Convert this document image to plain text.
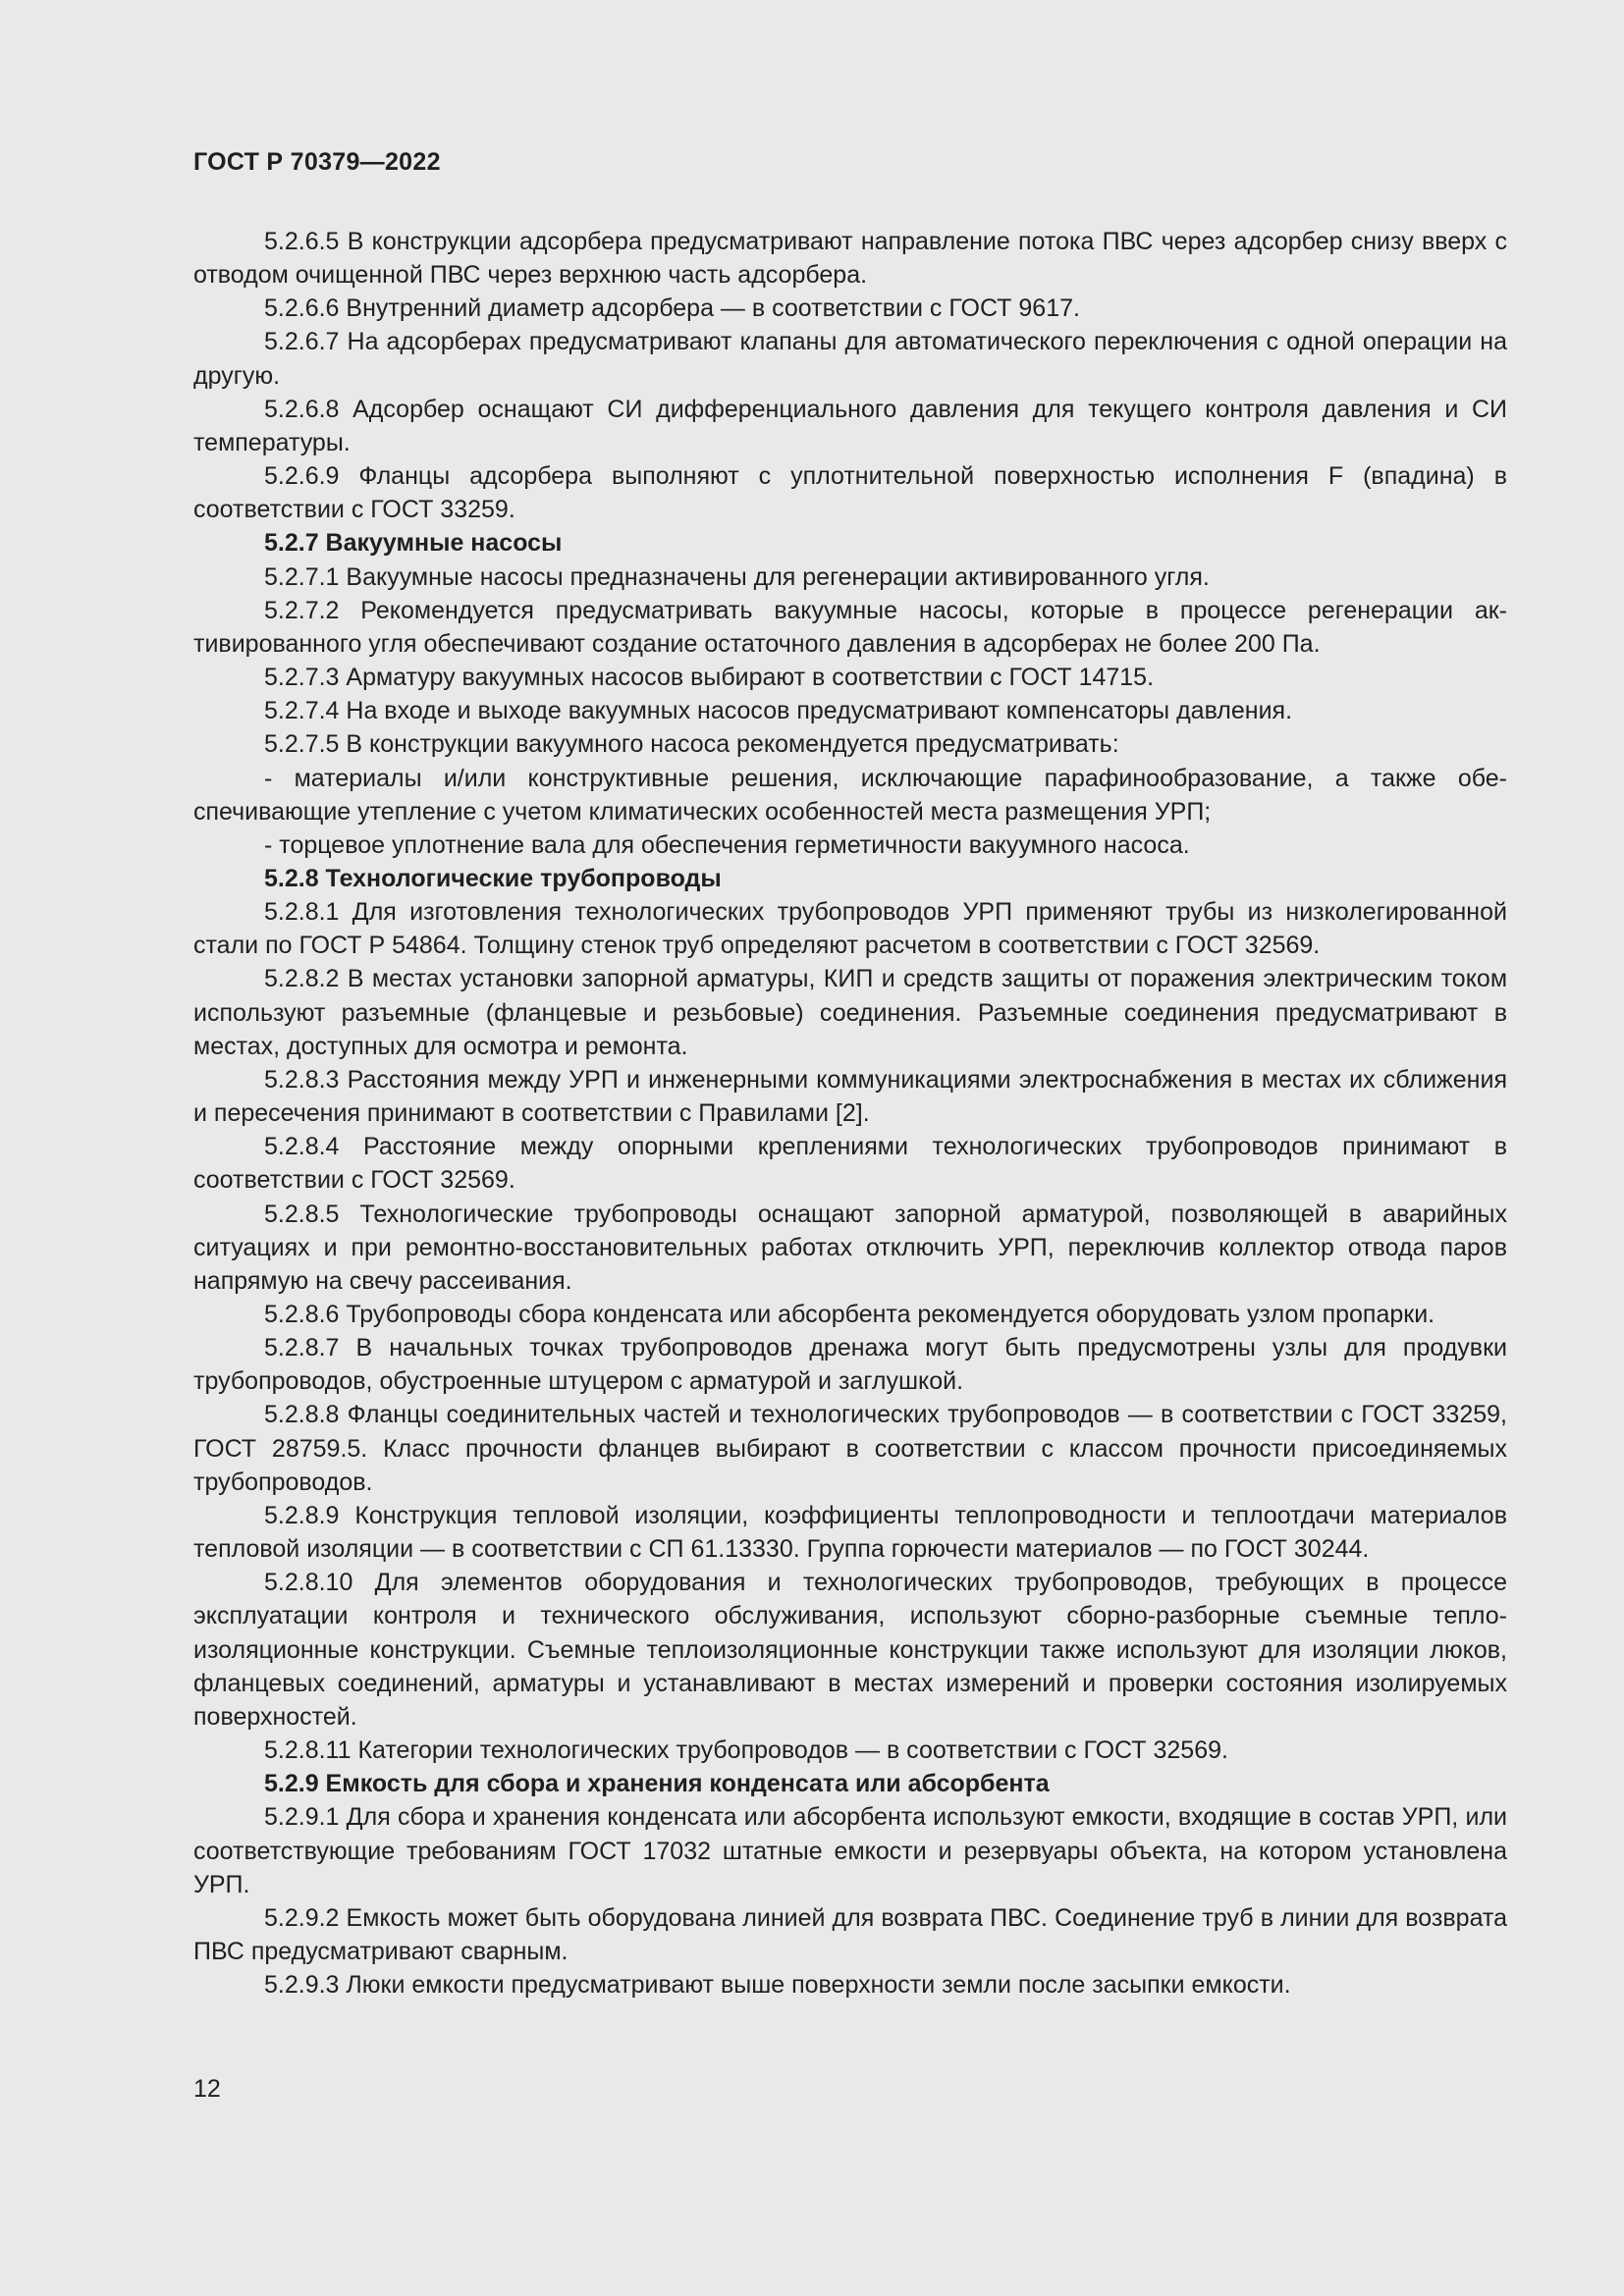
ГОСТ Р 70379—2022

5.2.6.5 В конструкции адсорбера предусматривают направление потока ПВС через адсорбер снизу вверх с отводом очищенной ПВС через верхнюю часть адсорбера.

5.2.6.6 Внутренний диаметр адсорбера — в соответствии с ГОСТ 9617.

5.2.6.7 На адсорберах предусматривают клапаны для автоматического переключения с одной операции на другую.

5.2.6.8 Адсорбер оснащают СИ дифференциального давления для текущего контроля давления и СИ температуры.

5.2.6.9 Фланцы адсорбера выполняют с уплотнительной поверхностью исполнения F (впадина) в соответствии с ГОСТ 33259.

5.2.7 Вакуумные насосы

5.2.7.1 Вакуумные насосы предназначены для регенерации активированного угля.

5.2.7.2 Рекомендуется предусматривать вакуумные насосы, которые в процессе регенерации активированного угля обеспечивают создание остаточного давления в адсорберах не более 200 Па.

5.2.7.3 Арматуру вакуумных насосов выбирают в соответствии с ГОСТ 14715.

5.2.7.4 На входе и выходе вакуумных насосов предусматривают компенсаторы давления.

5.2.7.5 В конструкции вакуумного насоса рекомендуется предусматривать:

- материалы и/или конструктивные решения, исключающие парафинообразование, а также обеспечивающие утепление с учетом климатических особенностей места размещения УРП;

- торцевое уплотнение вала для обеспечения герметичности вакуумного насоса.

5.2.8 Технологические трубопроводы

5.2.8.1 Для изготовления технологических трубопроводов УРП применяют трубы из низколегированной стали по ГОСТ Р 54864. Толщину стенок труб определяют расчетом в соответствии с ГОСТ 32569.

5.2.8.2 В местах установки запорной арматуры, КИП и средств защиты от поражения электрическим током используют разъемные (фланцевые и резьбовые) соединения. Разъемные соединения предусматривают в местах, доступных для осмотра и ремонта.

5.2.8.3 Расстояния между УРП и инженерными коммуникациями электроснабжения в местах их сближения и пересечения принимают в соответствии с Правилами [2].

5.2.8.4 Расстояние между опорными креплениями технологических трубопроводов принимают в соответствии с ГОСТ 32569.

5.2.8.5 Технологические трубопроводы оснащают запорной арматурой, позволяющей в аварийных ситуациях и при ремонтно-восстановительных работах отключить УРП, переключив коллектор отвода паров напрямую на свечу рассеивания.

5.2.8.6 Трубопроводы сбора конденсата или абсорбента рекомендуется оборудовать узлом пропарки.

5.2.8.7 В начальных точках трубопроводов дренажа могут быть предусмотрены узлы для продувки трубопроводов, обустроенные штуцером с арматурой и заглушкой.

5.2.8.8 Фланцы соединительных частей и технологических трубопроводов — в соответствии с ГОСТ 33259, ГОСТ 28759.5. Класс прочности фланцев выбирают в соответствии с классом прочности присоединяемых трубопроводов.

5.2.8.9 Конструкция тепловой изоляции, коэффициенты теплопроводности и теплоотдачи материалов тепловой изоляции — в соответствии с СП 61.13330. Группа горючести материалов — по ГОСТ 30244.

5.2.8.10 Для элементов оборудования и технологических трубопроводов, требующих в процессе эксплуатации контроля и технического обслуживания, используют сборно-разборные съемные теплоизоляционные конструкции. Съемные теплоизоляционные конструкции также используют для изоляции люков, фланцевых соединений, арматуры и устанавливают в местах измерений и проверки состояния изолируемых поверхностей.

5.2.8.11 Категории технологических трубопроводов — в соответствии с ГОСТ 32569.

5.2.9 Емкость для сбора и хранения конденсата или абсорбента

5.2.9.1 Для сбора и хранения конденсата или абсорбента используют емкости, входящие в состав УРП, или соответствующие требованиям ГОСТ 17032 штатные емкости и резервуары объекта, на котором установлена УРП.

5.2.9.2 Емкость может быть оборудована линией для возврата ПВС. Соединение труб в линии для возврата ПВС предусматривают сварным.

5.2.9.3 Люки емкости предусматривают выше поверхности земли после засыпки емкости.

12
